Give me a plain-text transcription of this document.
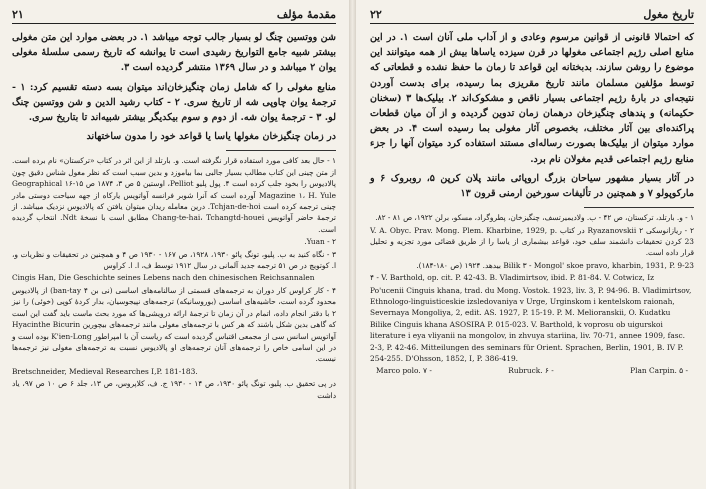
مقدمهٔ مؤلف
۲۱

شن ووتسین چنگ لو بسیار جالب توجه میباشد ۱. در بعضی موارد این متن مغولی بیشتر شبیه جامع التواریخ رشیدی است تا یوانشه که تاریخ رسمی سلسلهٔ مغولی یوان ۲ میباشد و در سال ۱۳۶۹ منتشر گردیده است ۳.

منابع مغولی را که شامل زمان چنگیزخان‌اند میتوان بسه دسته تقسیم کرد: ۱ - ترجمهٔ یوان چاوپی شه از تاریخ سری. ۲ - کتاب رشید الدین و شن ووتسین چنگ لو. ۳ - ترجمهٔ یوان شه. از دوم و سوم بیکدیگر بیشتر شبیه‌اند تا بتاریخ سری.

در زمان چنگیزخان مغولها یاسا یا قواعد خود را مدون ساختهاند

۱ - حال بعد کافی مورد استفاده قرار نگرفته است. و. بارتلد از این اثر در کتاب «ترکستان» نام برده است. از متن چینی این کتاب مطالب بسیار جالبی بما بیاموزد و بدین سبب است که نظر مغول شناس دقیق چون پالادیوس را بخود جلب کرده است ۴. پول پلیو Pelliot، اوستین ۵ ص ۳، ۱۸۷۴ ص ۱۵-۱۶ Geographical Magazine ۱، H. Yule آورده است که آنرا شوبر فرانسه آواتویس یارکاه از جهه سیاحت دوستی مادر چینی ترجمه کرده است Tchjan-de-hoi. درین معامله ریدان میتوان یافتن که پالادیوس نزدیک میباشد. از ترجمهٔ حاضر آواتویس Chang-te-hai، Tchangtd-houei مطابق است با نسخهٔ Ndt. انتخاب گردیده است.

۲ - Yuan.

۳ - نگاه کنید به ب. پلیو، تونگ پائو ۱۹۳۰، ۱۹۲۸، ص ۱۶۷ - ۱۹۳۰ ص ۴ و همچنین در تحقیقات و نظریات و، ا. کوتویچ در ص ۵۱ ترجمه جدید آلمانی در سال ۱۹۱۲ توسط ف، ا. ا. کراوس

Cingis Han, Die Geschichte seines Lebens nach den chinesischen Reichsannalen

۴ - کار کراوس کار دوران به ترجمه‌های قسمتی از سالنامه‌های اساسی (نی بن ۴ ban-tay) از پالادیوس محدود گرده است، حاشیه‌های اساسی (بوروسانیکه) ترجمه‌های نپیجوسیان، بدار کردهٔ کوپی (خوئی) را نیز ۲ با دقتر انجام داده، اتمام در آن زمان تا ترجمهٔ ارائه درویشی‌ها که مورد بحث ماست باید گفت این است که گاهی بدین شکل باشند که هر کس با ترجمه‌های مغولی مانند ترجمه‌های بیچورین Hyacinthe Bicurin آواتویس اسانس سی از مجمعی اقتباس گردیده است که ریاست آن با امپراطور K'ien-Long بوده است و در این اسامی خاص را ترجمه‌های آنان ترجمه‌های او پالادیوس نسبت به ترجمه‌های مغولی نیز ترجمه‌ها نیست.

Bretschneider, Medieval Researches I,P. 181-183.

در پی تحقیق ب. پلیو، تونگ پائو ۱۹۳۰، ص ۱۴ - ۱۹۳۰ ج. ف، کلاپروس، ص ۱۳، جلد ۶ ص ۱۰ ص ۹۷، یاد داشت

تاریخ مغول
۲۲

که احتمالا قانونی از قوانین مرسوم وعادی و از آداب ملی آنان است ۱. در این منابع اصلی رژیم اجتماعی مغولها در قرن سیزده یاساها بیش از همه میتوانند این موضوع را روشن سازند. بدبختانه این قواعد تا زمان ما حفظ نشده و قطعاتی که توسط مؤلفین مسلمان مانند تاریخ مقریزی بما رسیده، برای بدست آوردن نتیجه‌ای در بارهٔ رژیم اجتماعی بسیار ناقص و مشکوک‌اند ۲. بیلیک‌ها ۳ (سخنان حکیمانه) و پندهای چنگیزخان درهمان زمان تدوین گردیده و از آن میان قطعات پراکنده‌ای بین آثار مختلف، بخصوص آثار مغولی بما رسیده است ۴. در بعض موارد میتوان از بیلیک‌ها بصورت رساله‌ای مستند استفاده کرد میتوان آنها را جزء منابع رژیم اجتماعی قدیم مغولان نام برد.

در آثار بسیار مشهور سیاحان بزرگ اروپائی مانند پلان کرپن ۵، روبروک ۶ و مارکوپولو ۷ و همچنین در تألیفات سورخین ارمنی قرون ۱۳

۱ - و. بارتلد، ترکستان، ص ۴۲ - ب. ولادیمیرتسف، چنگیزخان، پطروگراد، مسکو، برلن ۱۹۲۲، ص ۸۱ - ۸۲.

۲ - ریازانوسکی ۲ Ryazanovskii در کتاب V. A. Obyc. Prav. Mong. Plem. Kharbine, 1929, p. 23 کردن تحقیقات دانشمند سلف خود، قواعد بیشماری از یاسا را از طریق قضائی مورد تجزیه و تحلیل قرار داده است.

Bilik ۳ - Mongol' skoe pravo, kharbin, 1931, P. 9-23 بیدهد. ۱۹۲۴ (ص ۱۸۰-۱۸۴).

۴ - V. Barthold, op. cit. P. 42-43. B. Vladimirtsov, ibid. P. 81-84. V. Cotwicz, Iz

Po'ucenii Cinguis khana, trad. du Mong. Vostok. 1923, liv. 3, P. 94-96. B. Vladimirtsov, Ethnologo-linguisticeskie izsledovaniya v Urge, Urginskom i kentelskom raionah, Severnaya Mongoliya, 2, edit. AS. 1927, P. 15-19. P. M. Melioranskii, O. Kudatku Bilike Cinguis khana ASOSIRA P. 015-023. V. Barthold, k voprosu ob uigurskoi literature i eya vliyanii na mongolov, in zhvuya stariina, liv. 70-71, annee 1909, fasc. 2-3, P. 42-46. Mitteilungen des seminars für Orient. Sprachen, Berlin, 1901, B. IV P. 254-255. D'Ohsson, 1852, I, P. 386-419.

Marco polo. ۷ -	Rubruck. ۶ -	Plan Carpin. ۵ -
